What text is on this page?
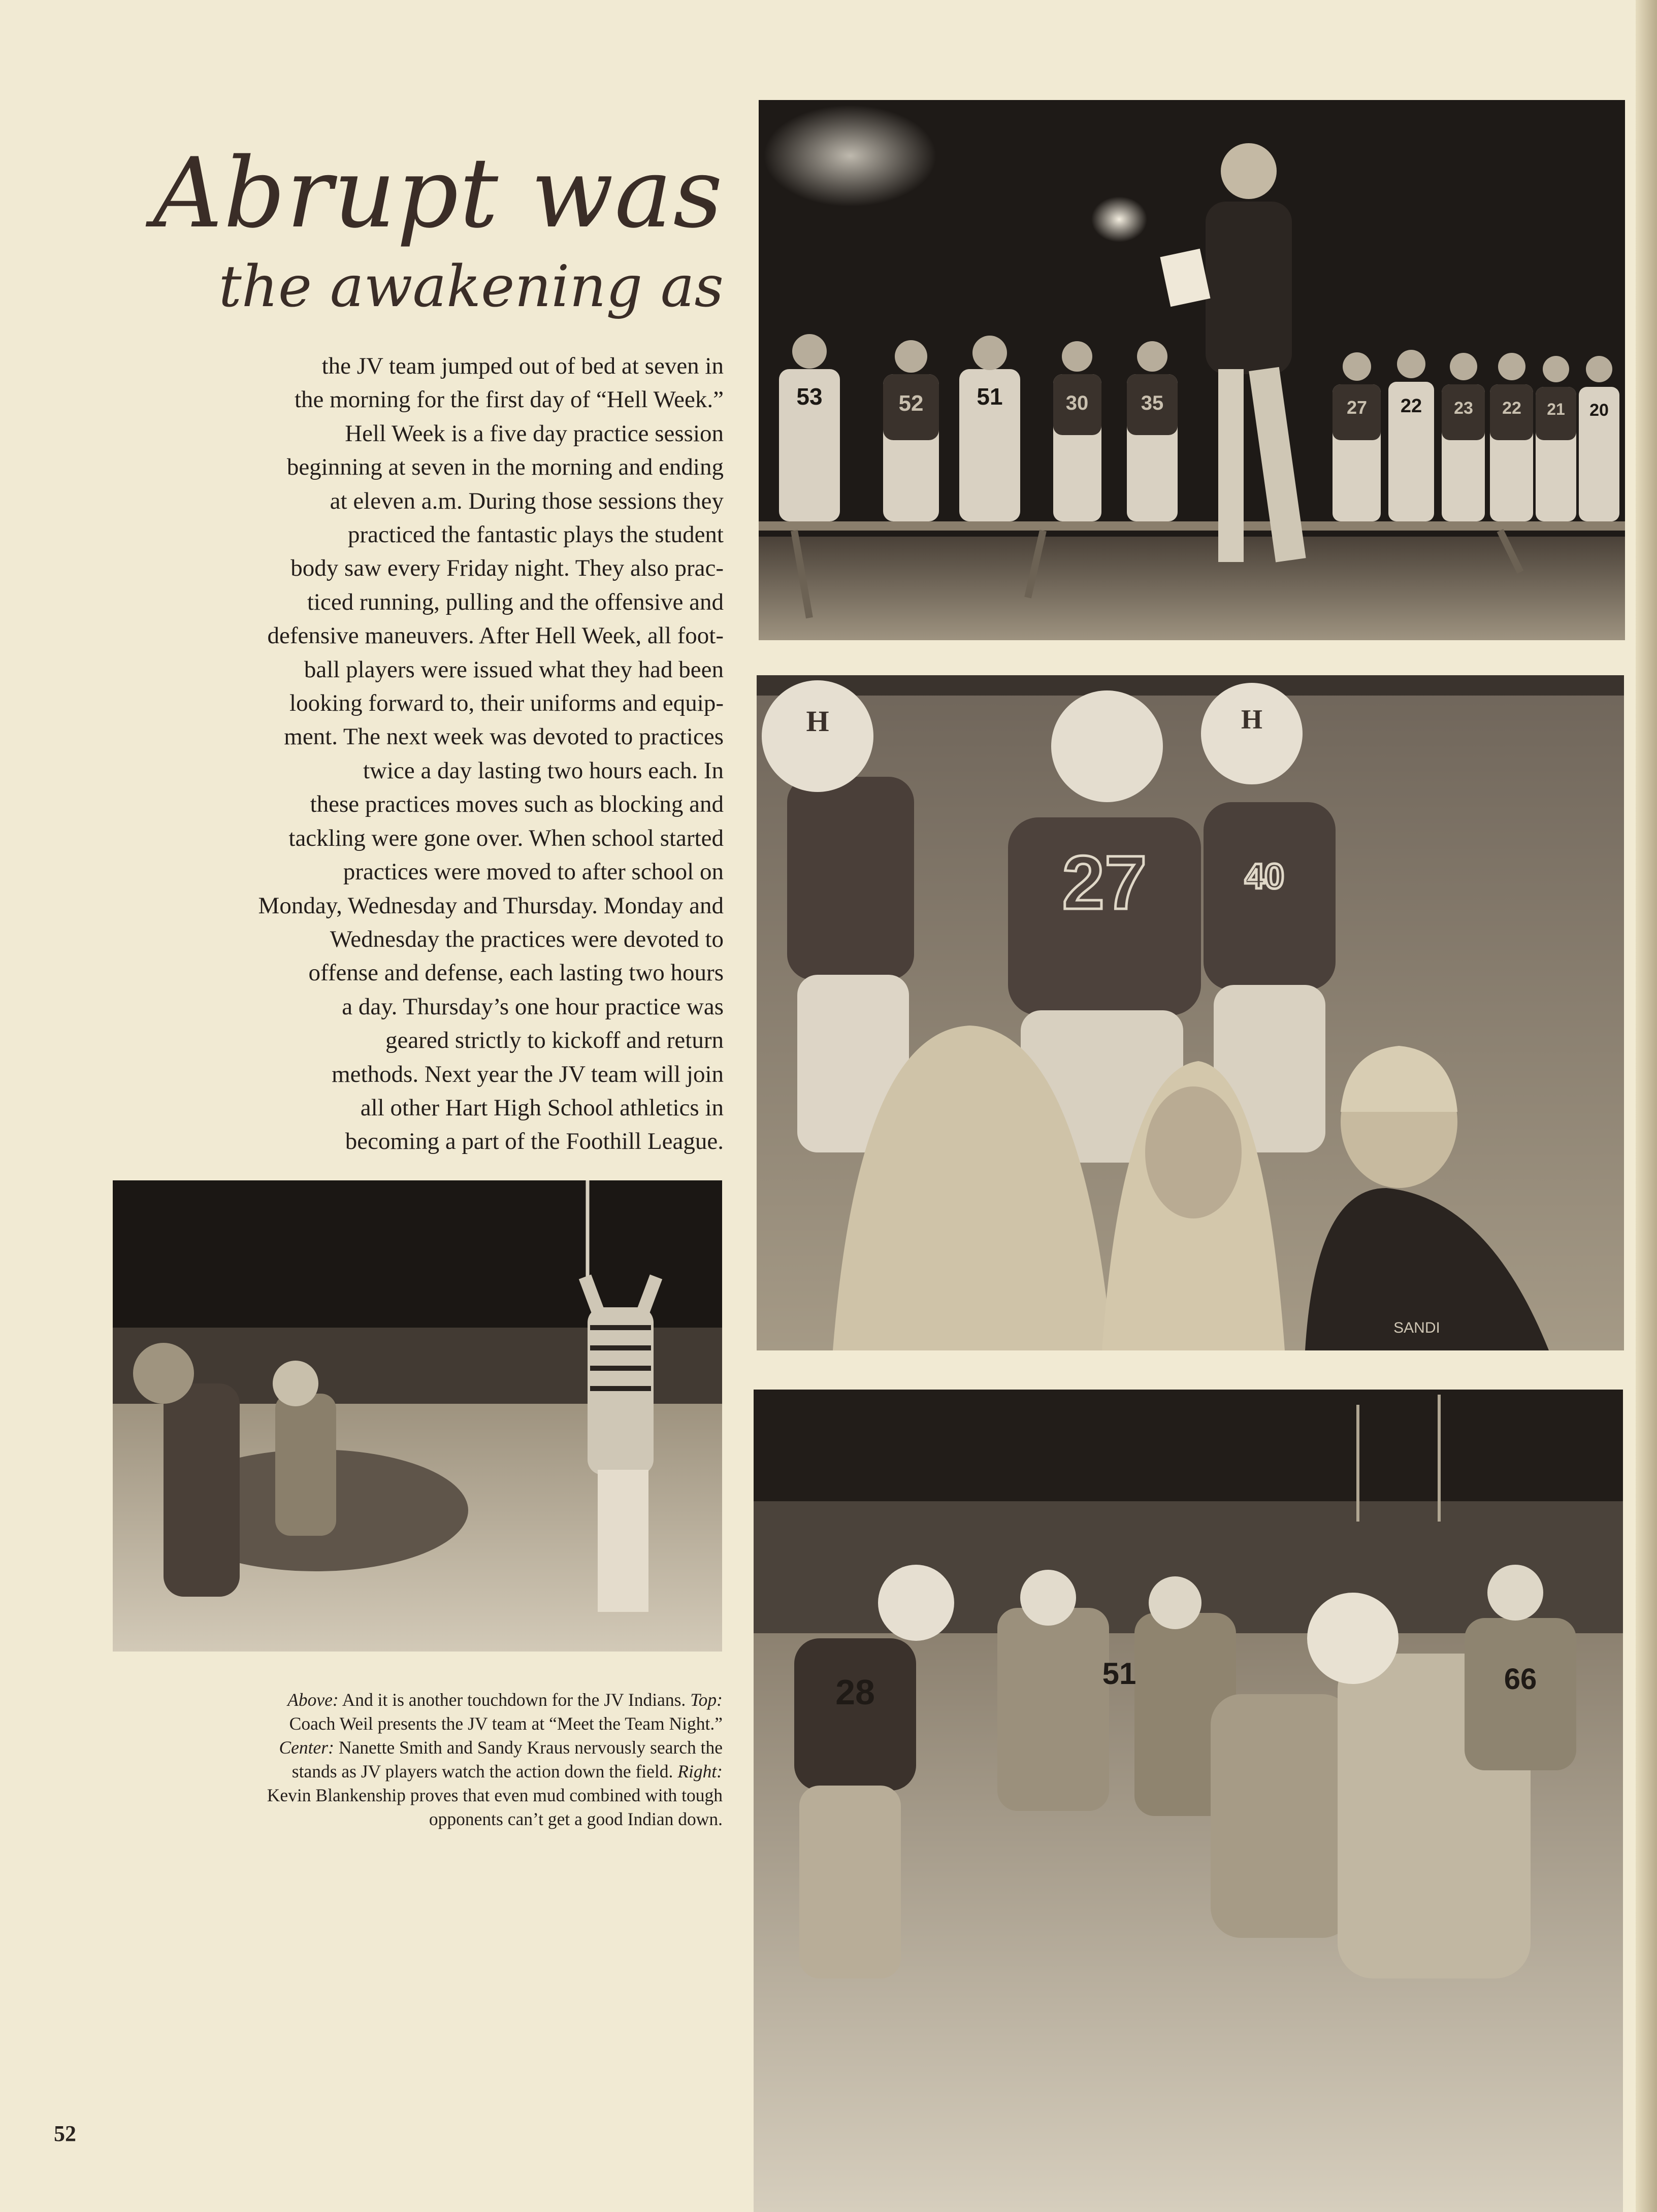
Abrupt was
the awakening as
the JV team jumped out of bed at seven in
the morning for the first day of “Hell Week.”
Hell Week is a five day practice session
beginning at seven in the morning and ending
at eleven a.m. During those sessions they
practiced the fantastic plays the student
body saw every Friday night. They also prac-
ticed running, pulling and the offensive and
defensive maneuvers. After Hell Week, all foot-
ball players were issued what they had been
looking forward to, their uniforms and equip-
ment. The next week was devoted to practices
twice a day lasting two hours each. In
these practices moves such as blocking and
tackling were gone over. When school started
practices were moved to after school on
Monday, Wednesday and Thursday. Monday and
Wednesday the practices were devoted to
offense and defense, each lasting two hours
a day. Thursday’s one hour practice was
geared strictly to kickoff and return
methods. Next year the JV team will join
all other Hart High School athletics in
becoming a part of the Foothill League.
53	51	22	20
52	30	35	27	23 22 21
H	H
27	40
SANDI
28	51	66
Above: And it is another touchdown for the JV Indians. Top:
Coach Weil presents the JV team at “Meet the Team Night.”
Center: Nanette Smith and Sandy Kraus nervously search the
stands as JV players watch the action down the field. Right:
Kevin Blankenship proves that even mud combined with tough
opponents can’t get a good Indian down.
52
